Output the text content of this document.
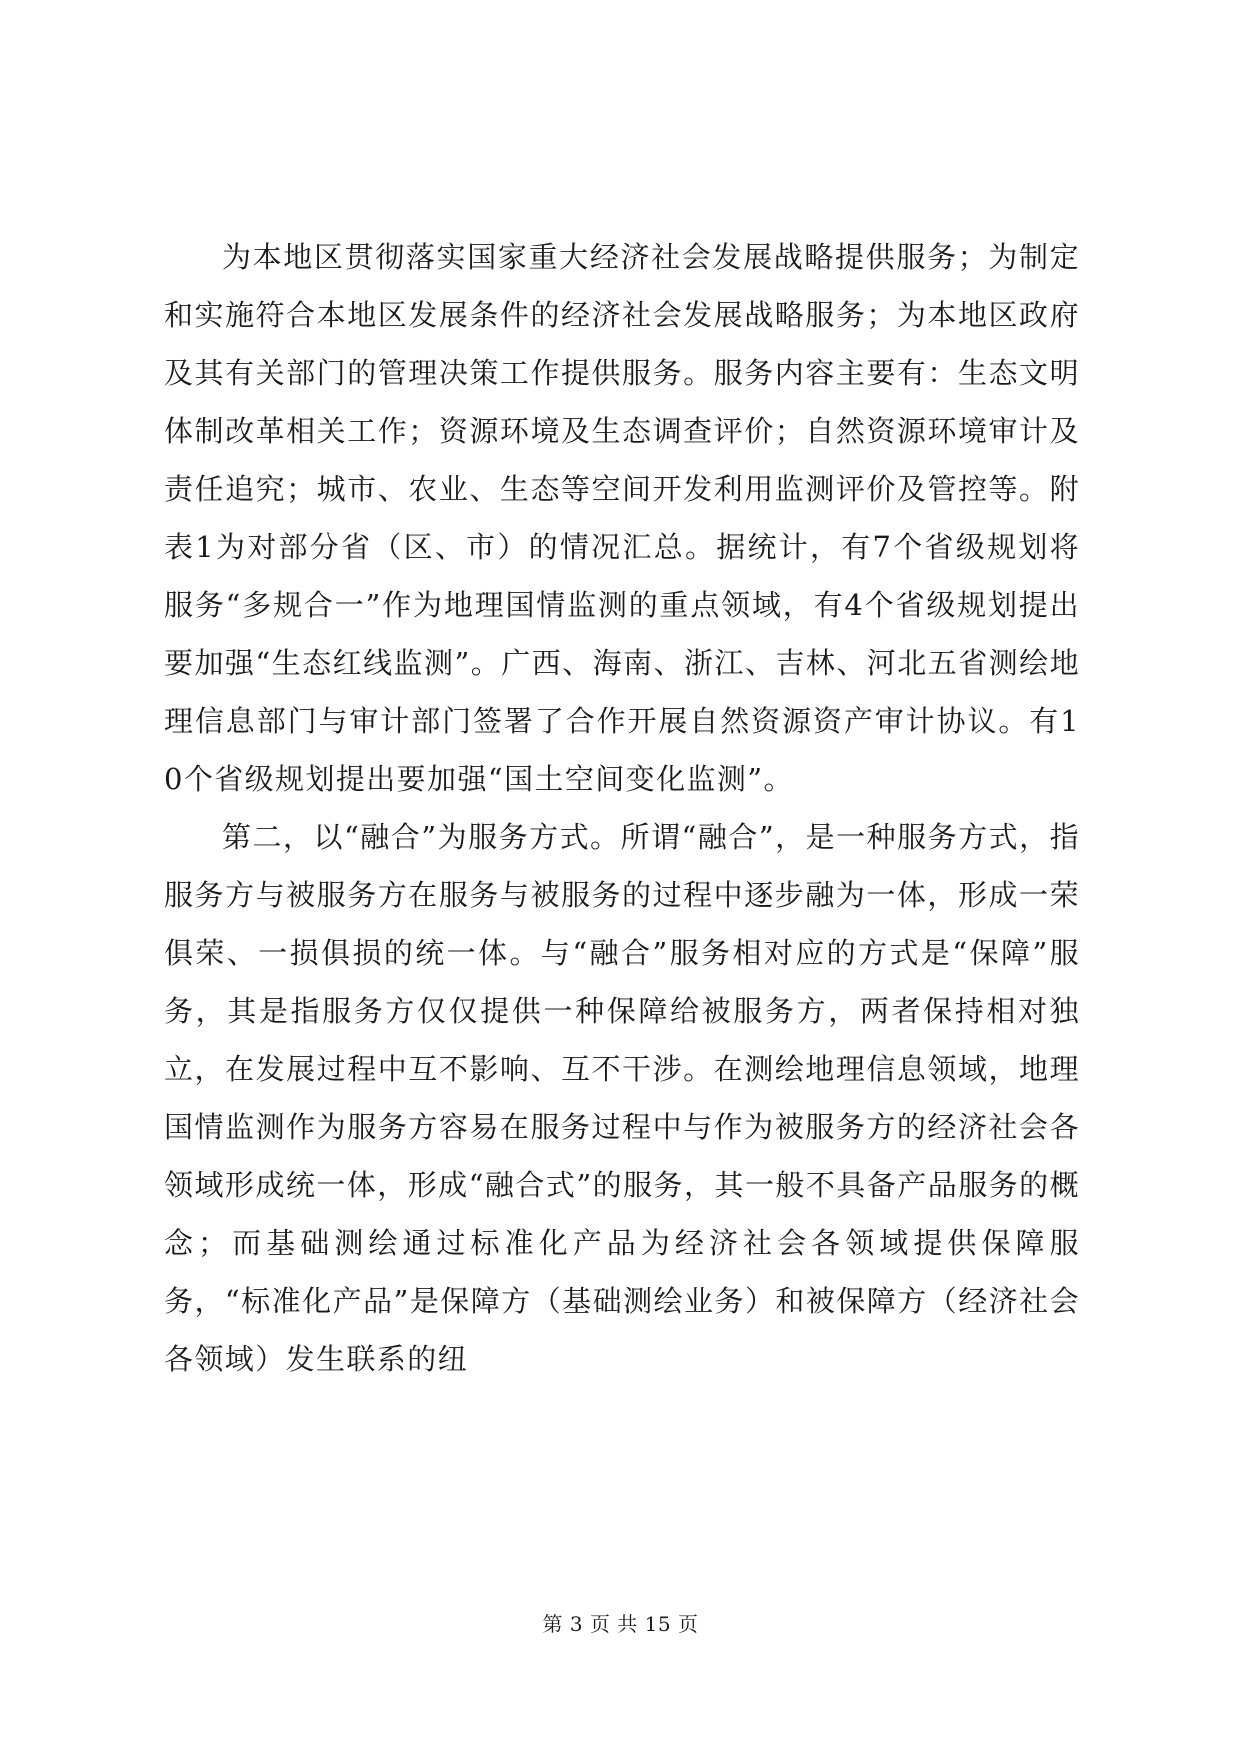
为本地区贯彻落实国家重大经济社会发展战略提供服务；为制定和实施符合本地区发展条件的经济社会发展战略服务；为本地区政府及其有关部门的管理决策工作提供服务。服务内容主要有：生态文明体制改革相关工作；资源环境及生态调查评价；自然资源环境审计及责任追究；城市、农业、生态等空间开发利用监测评价及管控等。附表1为对部分省（区、市）的情况汇总。据统计，有7个省级规划将服务“多规合一”作为地理国情监测的重点领域，有4个省级规划提出要加强“生态红线监测”。广西、海南、浙江、吉林、河北五省测绘地理信息部门与审计部门签署了合作开展自然资源资产审计协议。有10个省级规划提出要加强“国土空间变化监测”。

第二，以“融合”为服务方式。所谓“融合”，是一种服务方式，指服务方与被服务方在服务与被服务的过程中逐步融为一体，形成一荣俱荣、一损俱损的统一体。与“融合”服务相对应的方式是“保障”服务，其是指服务方仅仅提供一种保障给被服务方，两者保持相对独立，在发展过程中互不影响、互不干涉。在测绘地理信息领域，地理国情监测作为服务方容易在服务过程中与作为被服务方的经济社会各领域形成统一体，形成“融合式”的服务，其一般不具备产品服务的概念；而基础测绘通过标准化产品为经济社会各领域提供保障服务，“标准化产品”是保障方（基础测绘业务）和被保障方（经济社会各领域）发生联系的纽

第 3 页 共 15 页
